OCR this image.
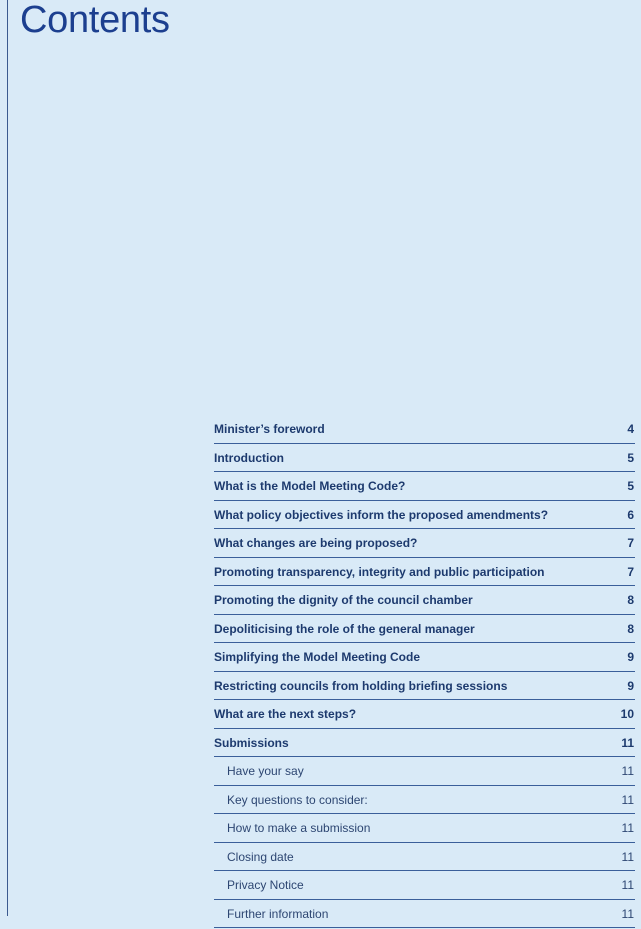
Contents
Minister’s foreword	4
Introduction	5
What is the Model Meeting Code?	5
What policy objectives inform the proposed amendments?	6
What changes are being proposed?	7
Promoting transparency, integrity and public participation	7
Promoting the dignity of the council chamber	8
Depoliticising the role of the general manager	8
Simplifying the Model Meeting Code	9
Restricting councils from holding briefing sessions	9
What are the next steps?	10
Submissions	11
Have your say	11
Key questions to consider:	11
How to make a submission	11
Closing date	11
Privacy Notice	11
Further information	11
